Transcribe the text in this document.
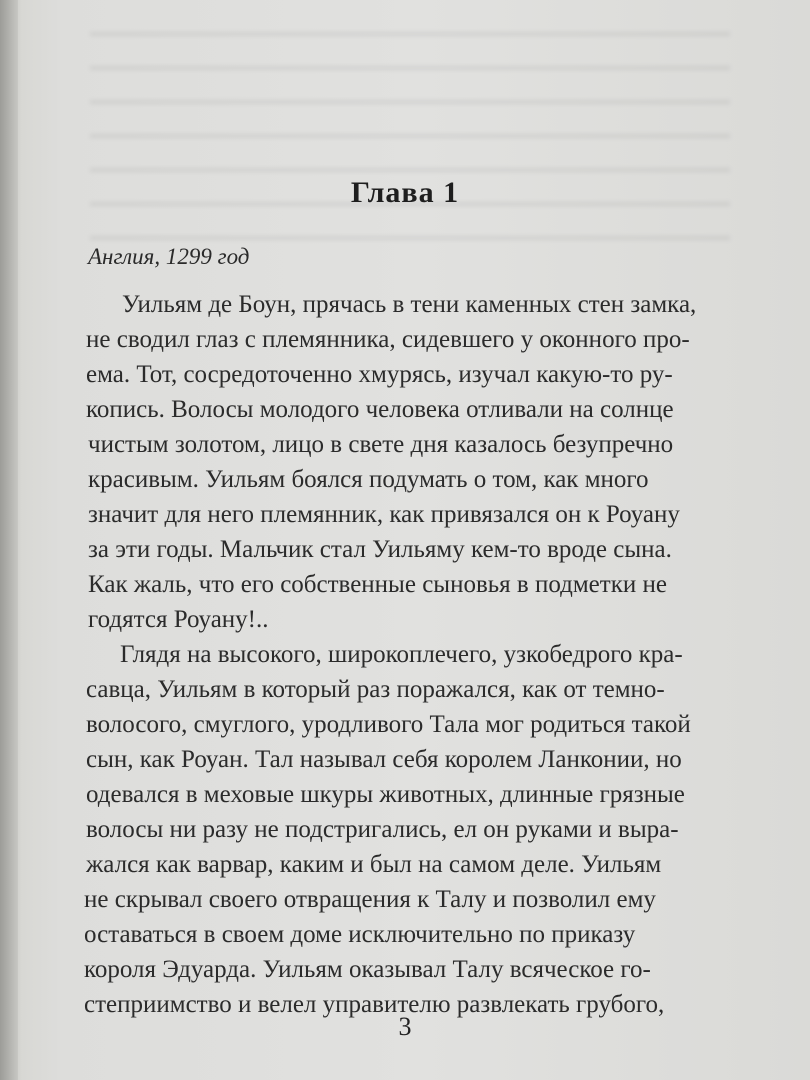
Глава 1
Англия, 1299 год
Уильям де Боун, прячась в тени каменных стен замка,
не сводил глаз с племянника, сидевшего у оконного про-
ема. Тот, сосредоточенно хмурясь, изучал какую-то ру-
копись. Волосы молодого человека отливали на солнце
чистым золотом, лицо в свете дня казалось безупречно
красивым. Уильям боялся подумать о том, как много
значит для него племянник, как привязался он к Роуану
за эти годы. Мальчик стал Уильяму кем-то вроде сына.
Как жаль, что его собственные сыновья в подметки не
годятся Роуану!..
Глядя на высокого, широкоплечего, узкобедрого кра-
савца, Уильям в который раз поражался, как от темно-
волосого, смуглого, уродливого Тала мог родиться такой
сын, как Роуан. Тал называл себя королем Ланконии, но
одевался в меховые шкуры животных, длинные грязные
волосы ни разу не подстригались, ел он руками и выра-
жался как варвар, каким и был на самом деле. Уильям
не скрывал своего отвращения к Талу и позволил ему
оставаться в своем доме исключительно по приказу
короля Эдуарда. Уильям оказывал Талу всяческое го-
степриимство и велел управителю развлекать грубого,
3
